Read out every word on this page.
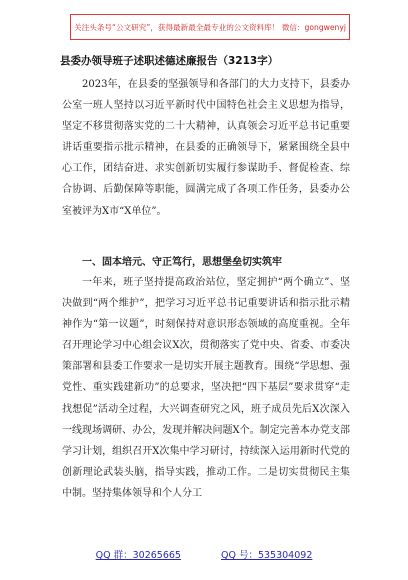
关注头条号“公文研究”，获得最新最全最专业的公文资料库！ 微信：gongwenyj
县委办领导班子述职述德述廉报告（3213字）
2023年，在县委的坚强领导和各部门的大力支持下，县委办公室一班人坚持以习近平新时代中国特色社会主义思想为指导，坚定不移贯彻落实党的二十大精神，认真领会习近平总书记重要讲话重要指示批示精神，在县委的正确领导下，紧紧围绕全县中心工作，团结奋进、求实创新切实履行参谋助手、督促检查、综合协调、后勤保障等职能，圆满完成了各项工作任务，县委办公室被评为X市“X单位”。
一、固本培元、守正笃行，思想堡垒切实筑牢
一年来，班子坚持提高政治站位，坚定拥护“两个确立”、坚决做到“两个维护”，把学习习近平总书记重要讲话和指示批示精神作为“第一议题”，时刻保持对意识形态领域的高度重视。全年召开理论学习中心组会议X次，贯彻落实了党中央、省委、市委决策部署和县委工作要求一是切实开展主题教育。围绕“学思想、强党性、重实践建新功”的总要求，坚决把“四下基层”要求贯穿“走找想促”活动全过程，大兴调查研究之风，班子成员先后X次深入一线现场调研、办公，发现并解决问题X个。制定完善本办党支部学习计划，组织召开X次集中学习研讨，持续深入运用新时代党的创新理论武装头脑，指导实践，推动工作。二是切实贯彻民主集中制。坚持集体领导和个人分工
QQ 群：30265665	QQ 号：535304092
